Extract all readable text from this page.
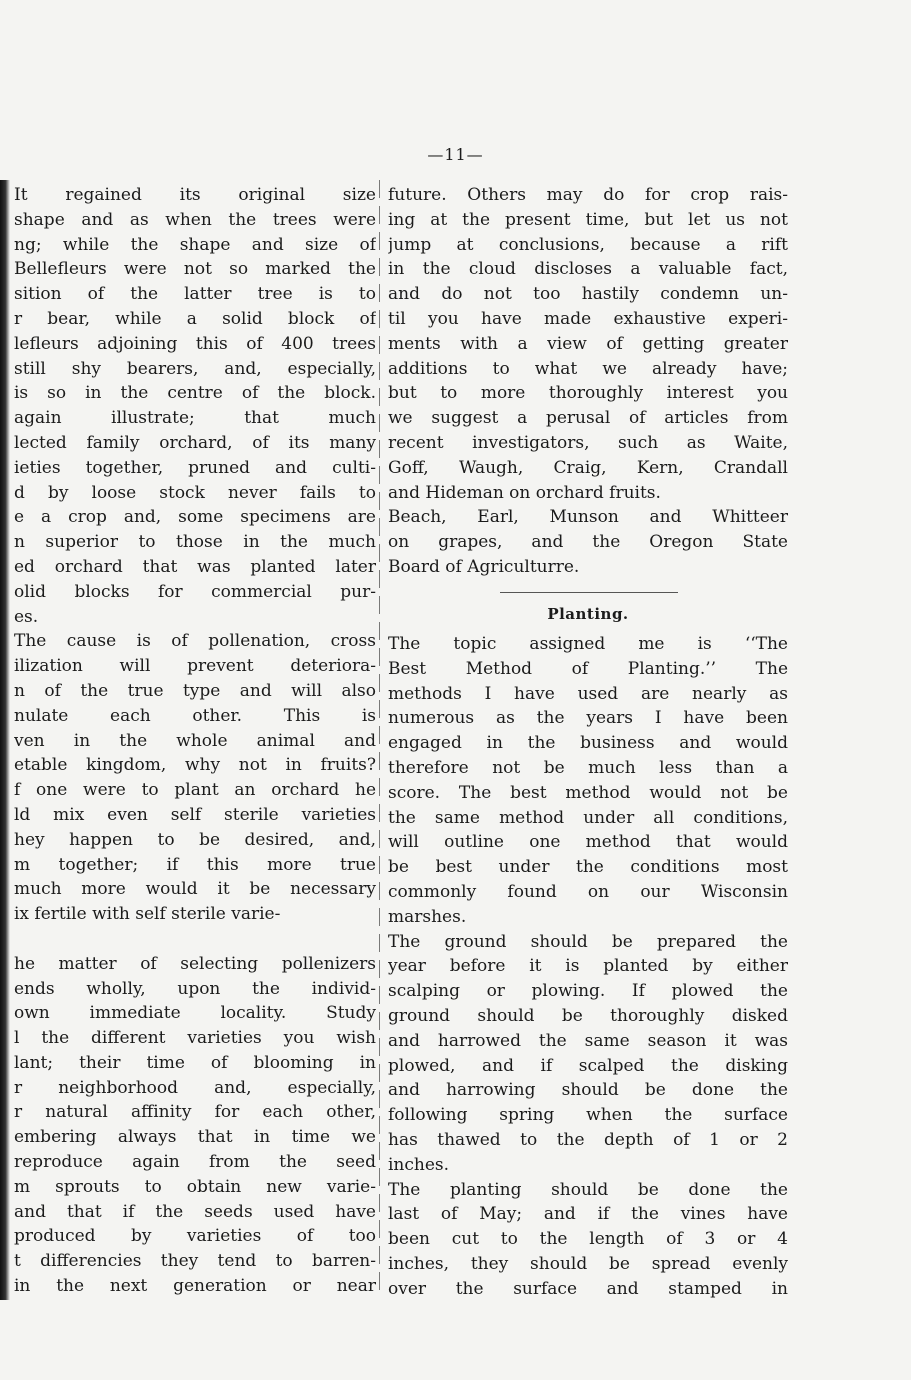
—11—
It regained its original size
shape and as when the trees were
ng; while the shape and size of
Bellefleurs were not so marked the
sition of the latter tree is to
r bear, while a solid block of
lefleurs adjoining this of 400 trees
still shy bearers, and, especially,
is so in the centre of the block.
again illustrate; that much
lected family orchard, of its many
ieties together, pruned and culti-
d by loose stock never fails to
e a crop and, some specimens are
n superior to those in the much
ed orchard that was planted later
olid blocks for commercial pur-
es.
The cause is of pollenation, cross
ilization will prevent deteriora-
n of the true type and will also
nulate each other. This is
ven in the whole animal and
etable kingdom, why not in fruits?
f one were to plant an orchard he
ld mix even self sterile varieties
hey happen to be desired, and,
m together; if this more true
much more would it be necessary
ix fertile with self sterile varie-
he matter of selecting pollenizers
ends wholly, upon the individ-
own immediate locality. Study
l the different varieties you wish
lant; their time of blooming in
r neighborhood and, especially,
r natural affinity for each other,
embering always that in time we
reproduce again from the seed
m sprouts to obtain new varie-
and that if the seeds used have
produced by varieties of too
t differencies they tend to barren-
in the next generation or near
future. Others may do for crop rais-
ing at the present time, but let us not
jump at conclusions, because a rift
in the cloud discloses a valuable fact,
and do not too hastily condemn un-
til you have made exhaustive experi-
ments with a view of getting greater
additions to what we already have;
but to more thoroughly interest you
we suggest a perusal of articles from
recent investigators, such as Waite,
Goff, Waugh, Craig, Kern, Crandall
and Hideman on orchard fruits.
Beach, Earl, Munson and Whitteer
on grapes, and the Oregon State
Board of Agriculturre.
Planting.
The topic assigned me is ‘‘The
Best Method of Planting.’’ The
methods I have used are nearly as
numerous as the years I have been
engaged in the business and would
therefore not be much less than a
score. The best method would not be
the same method under all conditions,
will outline one method that would
be best under the conditions most
commonly found on our Wisconsin
marshes.
The ground should be prepared the
year before it is planted by either
scalping or plowing. If plowed the
ground should be thoroughly disked
and harrowed the same season it was
plowed, and if scalped the disking
and harrowing should be done the
following spring when the surface
has thawed to the depth of 1 or 2
inches.
The planting should be done the
last of May; and if the vines have
been cut to the length of 3 or 4
inches, they should be spread evenly
over the surface and stamped in
